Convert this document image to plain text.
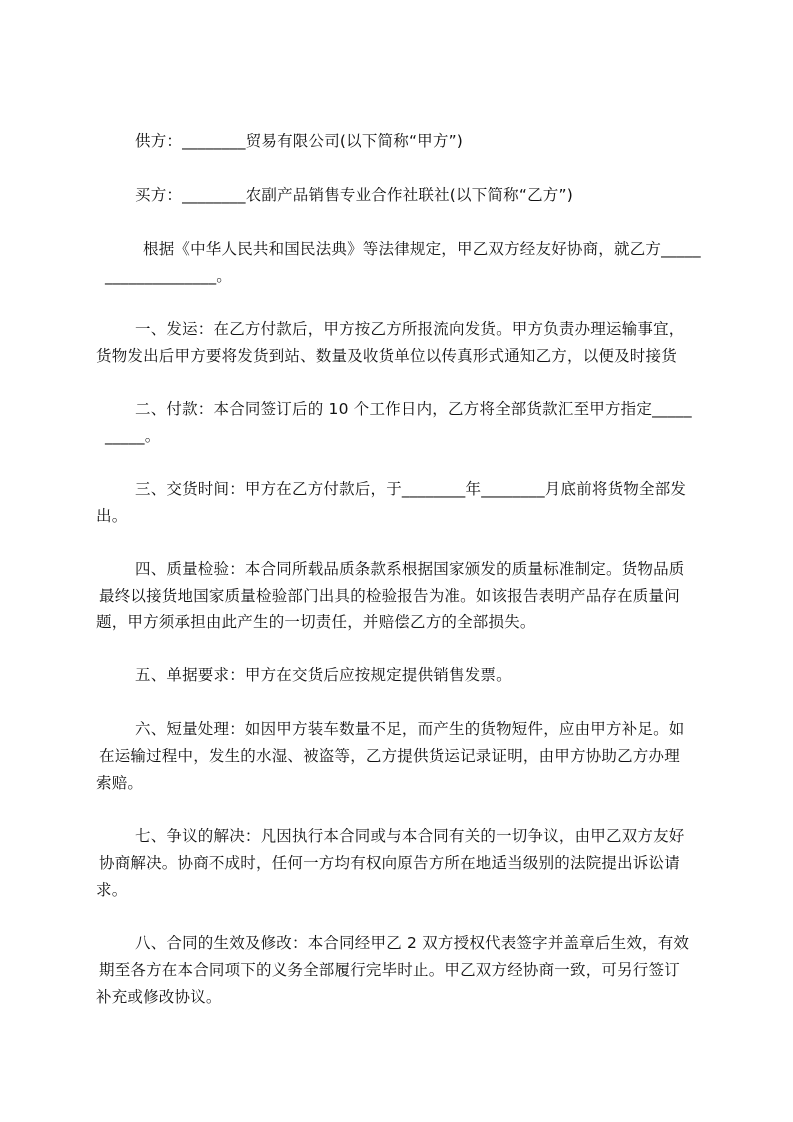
供方：________贸易有限公司(以下简称“甲方”)
买方：________农副产品销售专业合作社联社(以下简称“乙方”)
根据《中华人民共和国民法典》等法律规定，甲乙双方经友好协商，就乙方_____
______________。
一、发运：在乙方付款后，甲方按乙方所报流向发货。甲方负责办理运输事宜，
货物发出后甲方要将发货到站、数量及收货单位以传真形式通知乙方，以便及时接货
二、付款：本合同签订后的 10 个工作日内，乙方将全部货款汇至甲方指定_____
_____。
三、交货时间：甲方在乙方付款后，于________年________月底前将货物全部发
出。
四、质量检验：本合同所载品质条款系根据国家颁发的质量标准制定。货物品质
最终以接货地国家质量检验部门出具的检验报告为准。如该报告表明产品存在质量问
题，甲方须承担由此产生的一切责任，并赔偿乙方的全部损失。
五、单据要求：甲方在交货后应按规定提供销售发票。
六、短量处理：如因甲方装车数量不足，而产生的货物短件，应由甲方补足。如
在运输过程中，发生的水湿、被盗等，乙方提供货运记录证明，由甲方协助乙方办理
索赔。
七、争议的解决：凡因执行本合同或与本合同有关的一切争议，由甲乙双方友好
协商解决。协商不成时，任何一方均有权向原告方所在地适当级别的法院提出诉讼请
求。
八、合同的生效及修改：本合同经甲乙 2 双方授权代表签字并盖章后生效，有效
期至各方在本合同项下的义务全部履行完毕时止。甲乙双方经协商一致，可另行签订
补充或修改协议。
